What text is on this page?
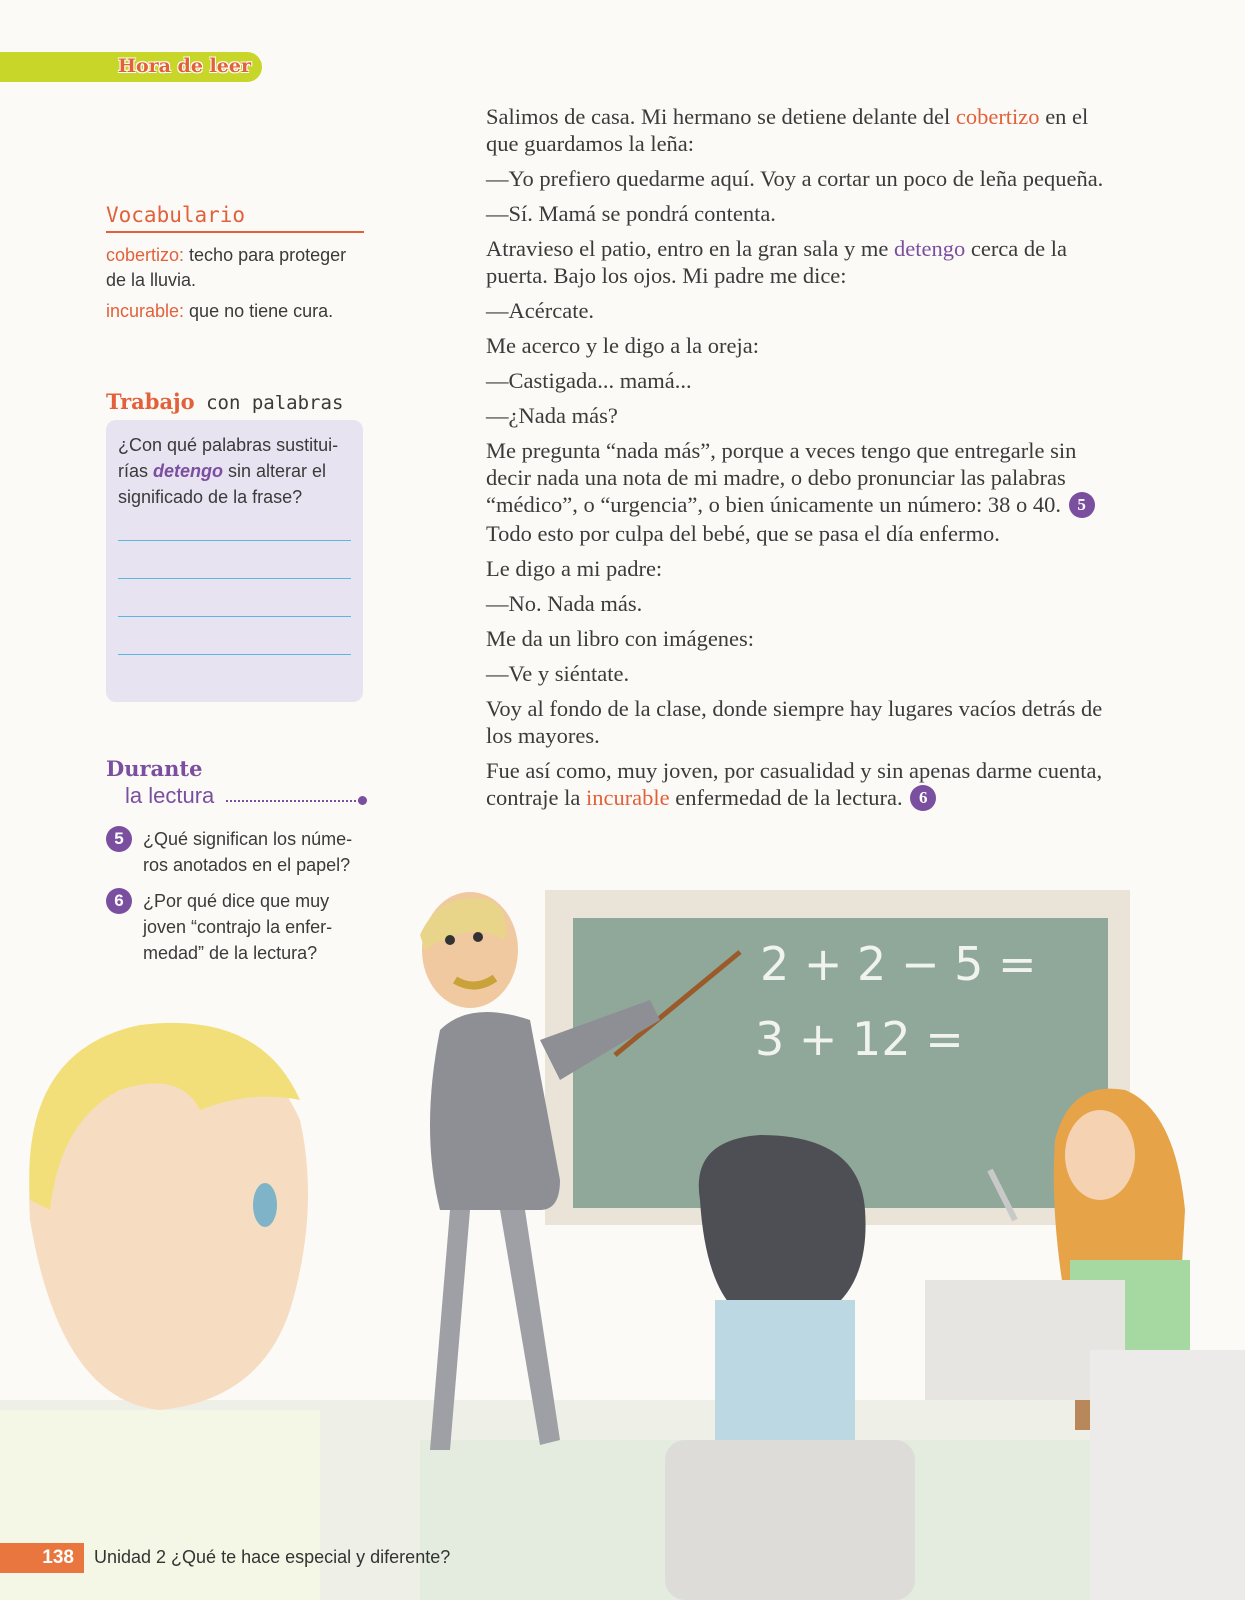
Hora de leer
Vocabulario

cobertizo: techo para proteger de la lluvia.

incurable: que no tiene cura.

Trabajo con palabras

¿Con qué palabras sustituirías detengo sin alterar el significado de la frase?

Durante
la lectura
5	¿Qué significan los números anotados en el papel?
6	¿Por qué dice que muy joven “contrajo la enfermedad” de la lectura?

Salimos de casa. Mi hermano se detiene delante del cobertizo en el que guardamos la leña:

—Yo prefiero quedarme aquí. Voy a cortar un poco de leña pequeña.

—Sí. Mamá se pondrá contenta.

Atravieso el patio, entro en la gran sala y me detengo cerca de la puerta. Bajo los ojos. Mi padre me dice:

—Acércate.

Me acerco y le digo a la oreja:

—Castigada... mamá...

—¿Nada más?

Me pregunta “nada más”, porque a veces tengo que entregarle sin decir nada una nota de mi madre, o debo pronunciar las palabras “médico”, o “urgencia”, o bien únicamente un número: 38 o 40. 5 Todo esto por culpa del bebé, que se pasa el día enfermo.

Le digo a mi padre:

—No. Nada más.

Me da un libro con imágenes:

—Ve y siéntate.

Voy al fondo de la clase, donde siempre hay lugares vacíos detrás de los mayores.

Fue así como, muy joven, por casualidad y sin apenas darme cuenta, contraje la incurable enfermedad de la lectura. 6

2 + 2 − 5 =
3 + 12 =
138 Unidad 2 ¿Qué te hace especial y diferente?
